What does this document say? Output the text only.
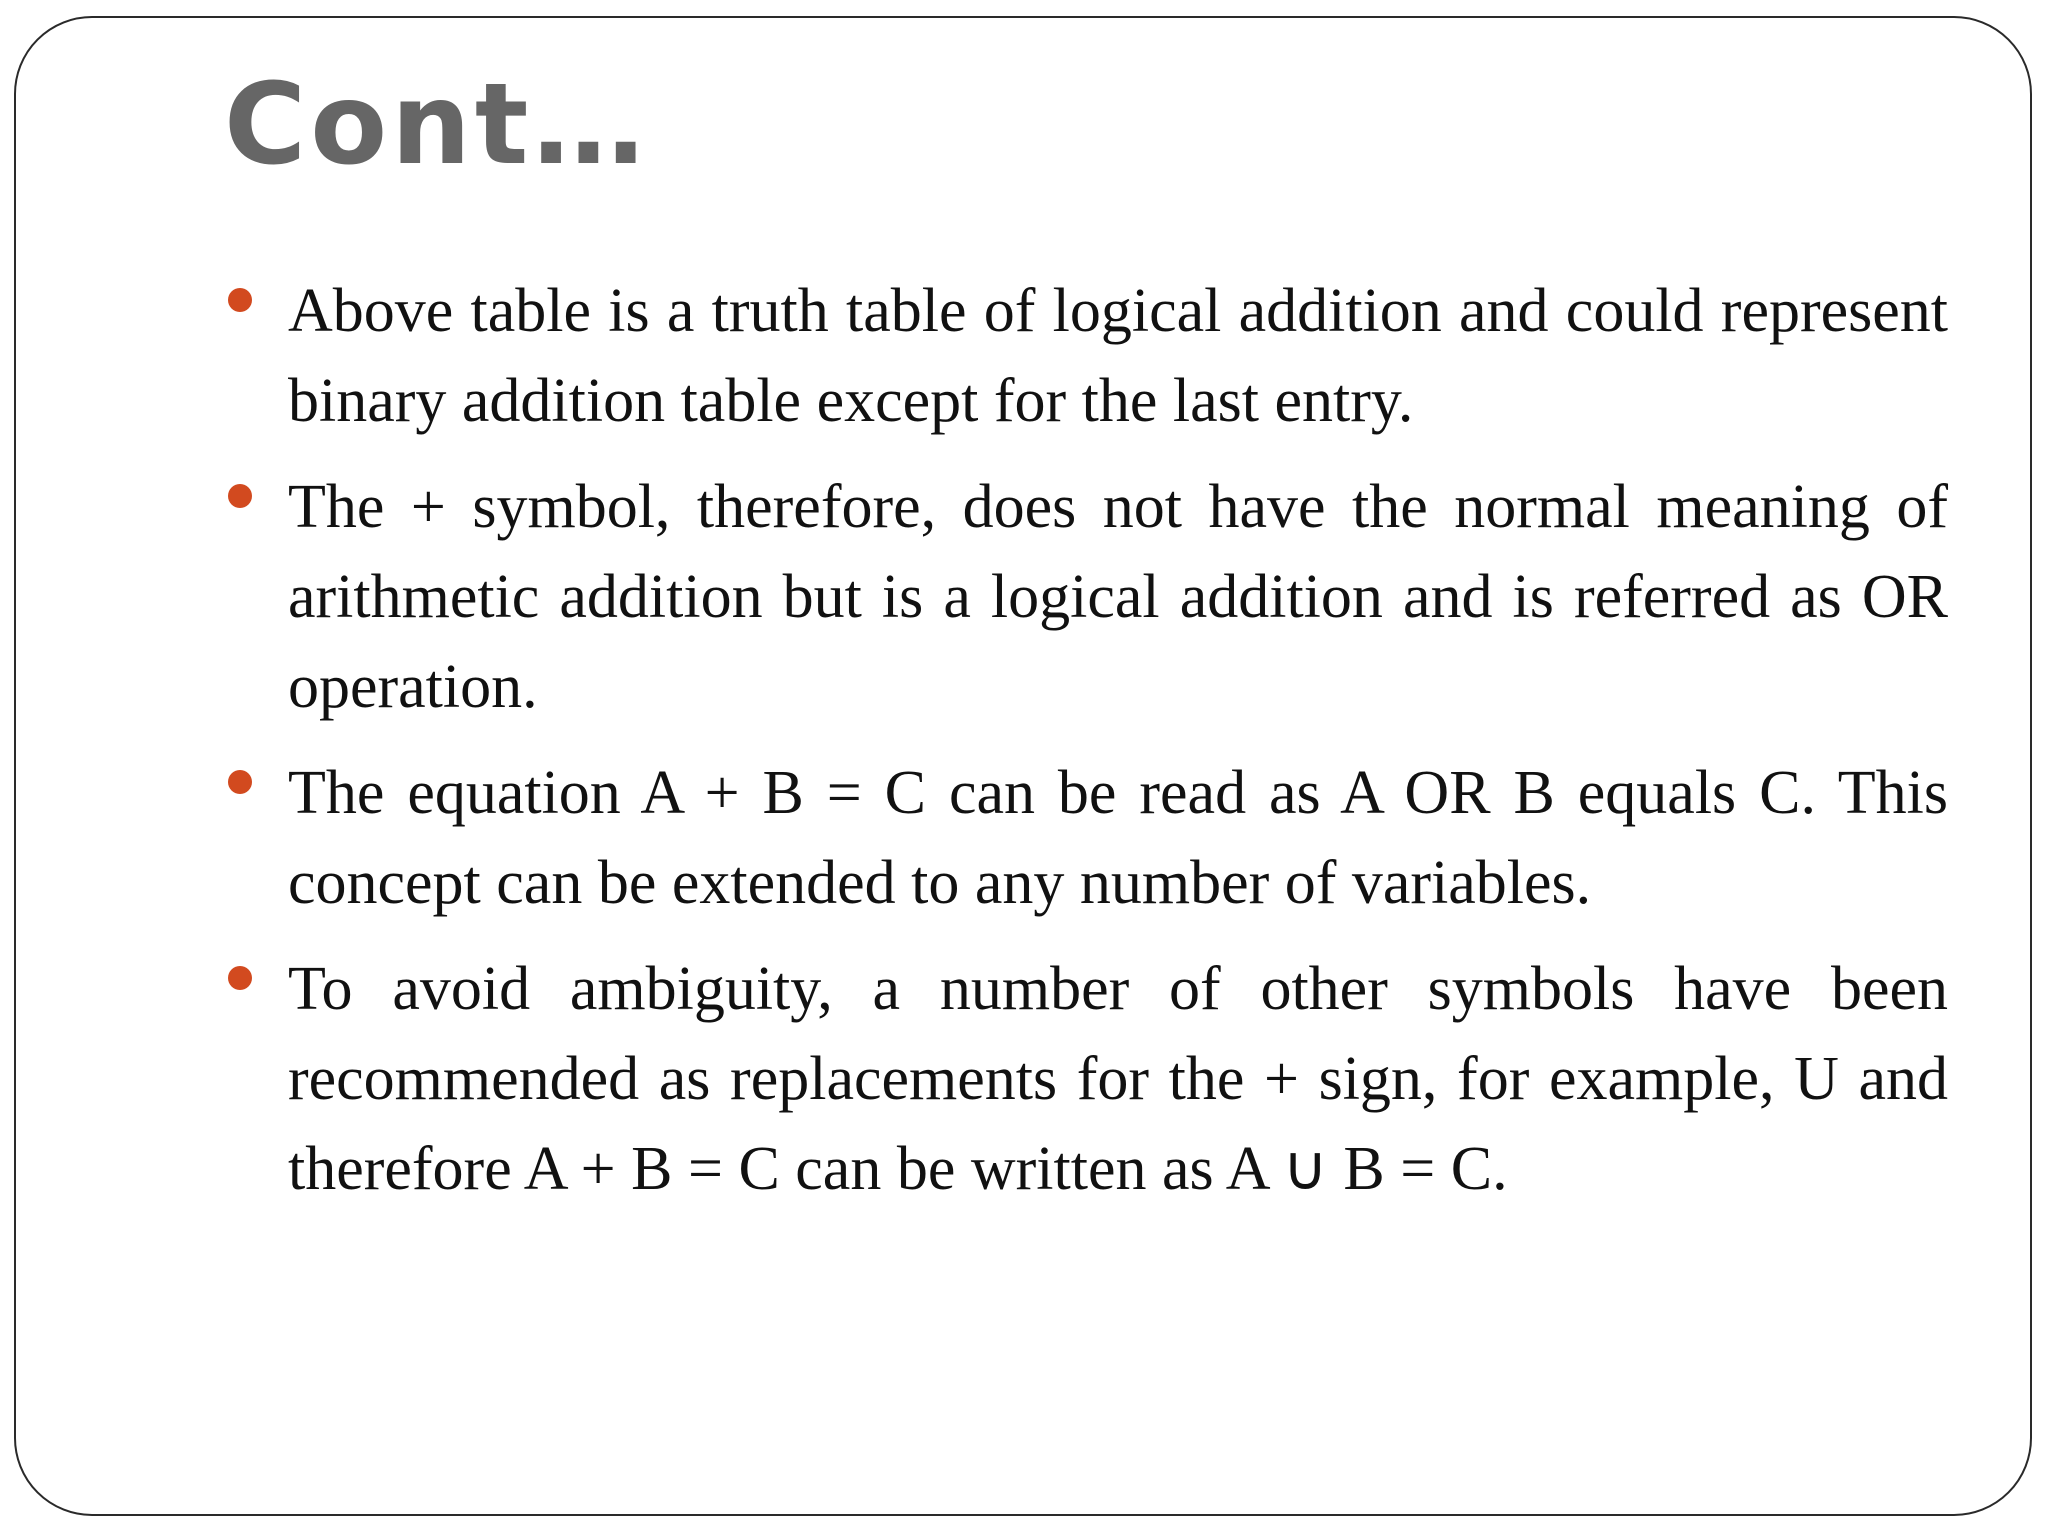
Cont…
Above table is a truth table of logical addition and could represent binary addition table except for the last entry.
The + symbol, therefore, does not have the normal meaning of arithmetic addition but is a logical addition and is referred as OR operation.
The equation A + B = C can be read as A OR B equals C. This concept can be extended to any number of variables.
To avoid ambiguity, a number of other symbols have been recommended as replacements for the + sign, for example, U and therefore A + B = C can be written as A ∪ B = C.
